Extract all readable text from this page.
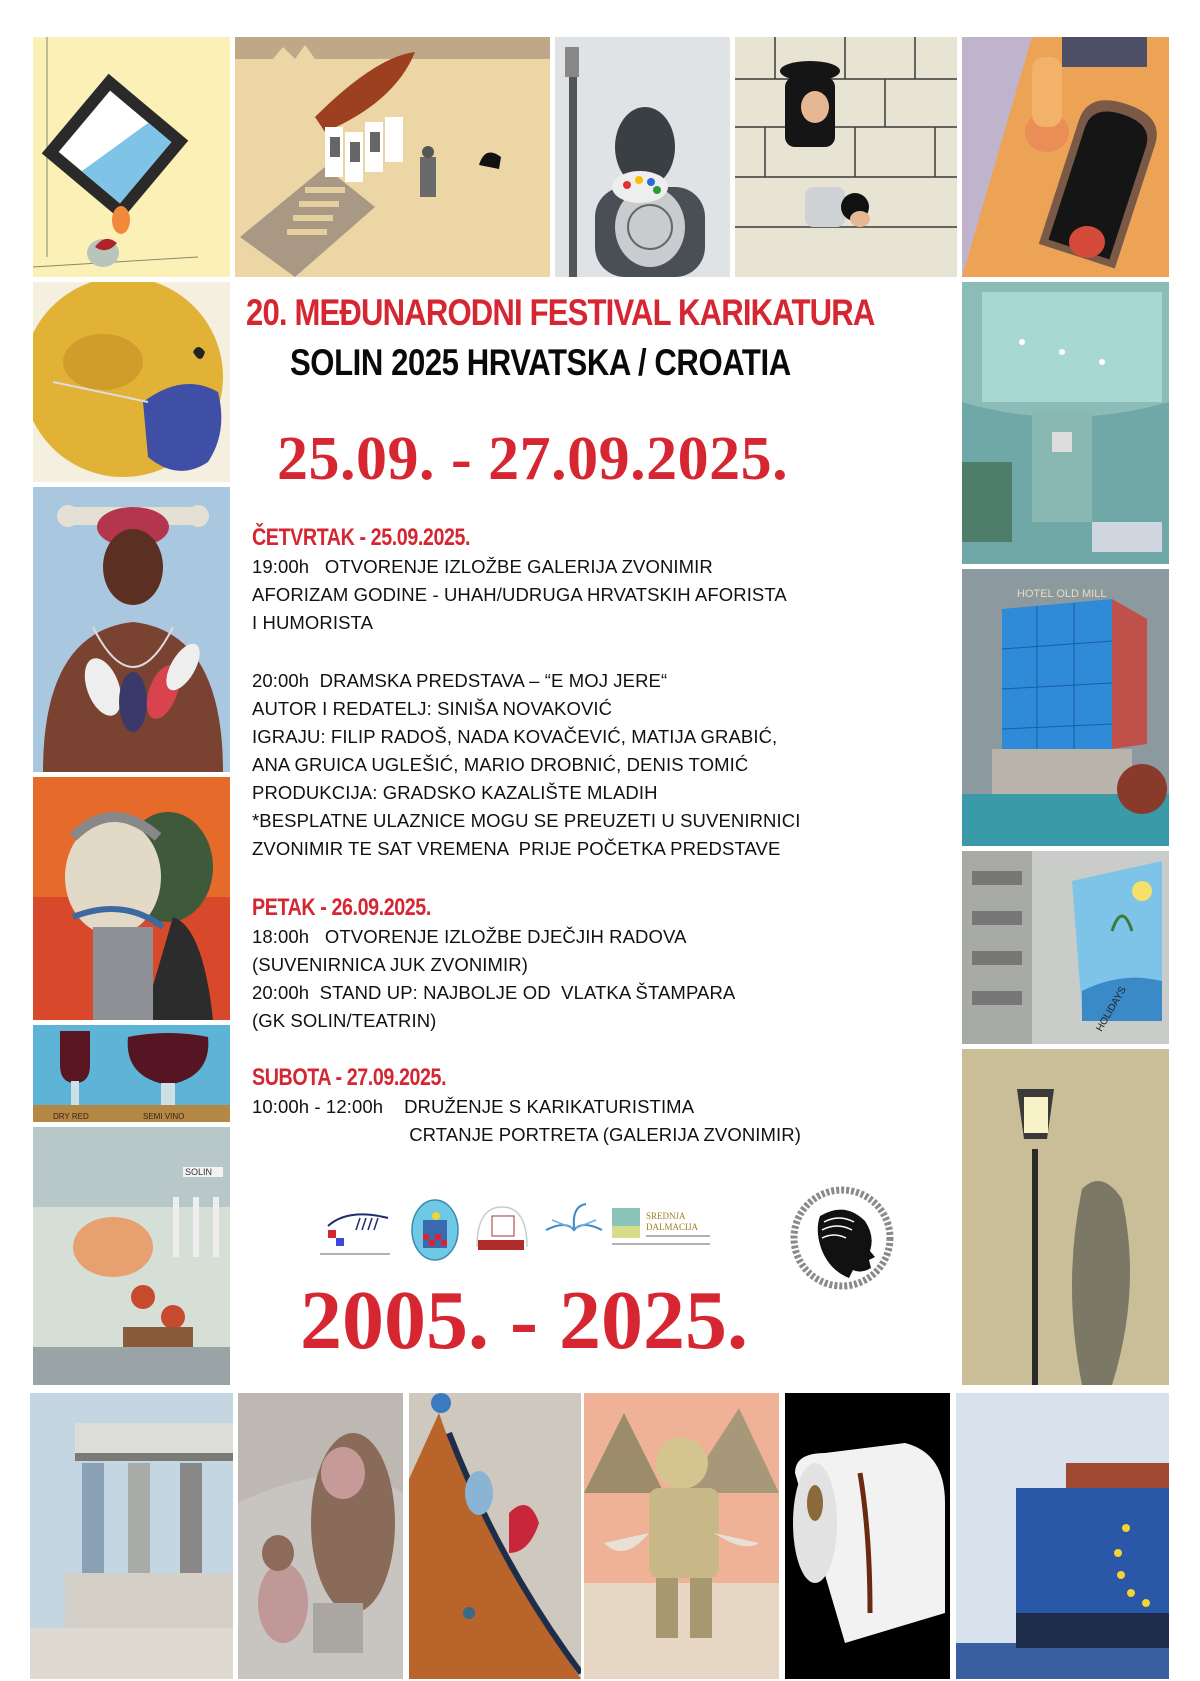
DRY RED	SEMI VINO
SOLIN
HOTEL OLD MILL
HOLIDAYS
20. MEĐUNARODNI FESTIVAL KARIKATURA
SOLIN 2025 HRVATSKA / CROATIA
25.09. - 27.09.2025.
ČETVRTAK - 25.09.2025.
19:00h   OTVORENJE IZLOŽBE GALERIJA ZVONIMIR
AFORIZAM GODINE - UHAH/UDRUGA HRVATSKIH AFORISTA
I HUMORISTA
20:00h  DRAMSKA PREDSTAVA – “E MOJ JERE“
AUTOR I REDATELJ: SINIŠA NOVAKOVIĆ
IGRAJU: FILIP RADOŠ, NADA KOVAČEVIĆ, MATIJA GRABIĆ,
ANA GRUICA UGLEŠIĆ, MARIO DROBNIĆ, DENIS TOMIĆ
PRODUKCIJA: GRADSKO KAZALIŠTE MLADIH
*BESPLATNE ULAZNICE MOGU SE PREUZETI U SUVENIRNICI
ZVONIMIR TE SAT VREMENA  PRIJE POČETKA PREDSTAVE
PETAK - 26.09.2025.
18:00h   OTVORENJE IZLOŽBE DJEČJIH RADOVA
(SUVENIRNICA JUK ZVONIMIR)
20:00h  STAND UP: NAJBOLJE OD  VLATKA ŠTAMPARA
(GK SOLIN/TEATRIN)
SUBOTA - 27.09.2025.
10:00h - 12:00h    DRUŽENJE S KARIKATURISTIMA
CRTANJE PORTRETA (GALERIJA ZVONIMIR)
SREDNJA
DALMACIJA
2005. - 2025.
